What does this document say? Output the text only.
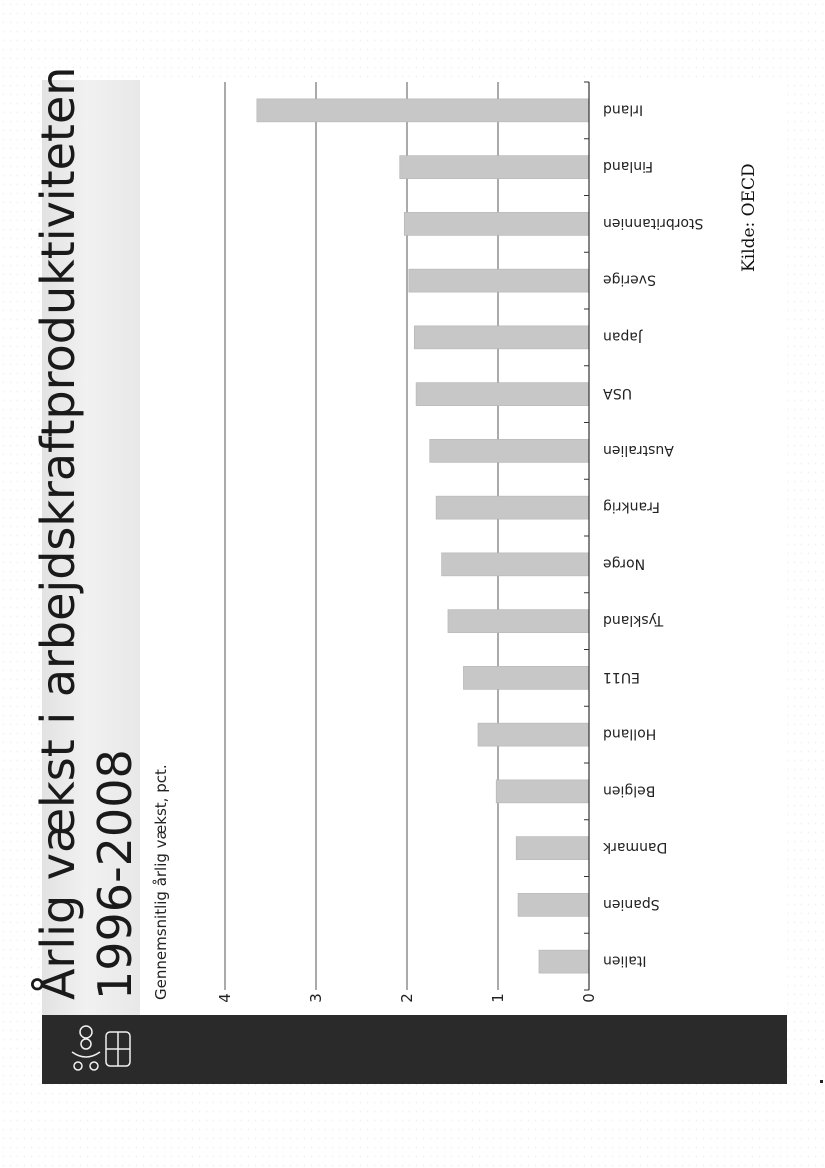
Årlig vækst i arbejdskraftproduktiviteten 1996-2008 Gennemsnitlig årlig vækst, pct.
Kilde: OECD
0
1
2
3
4
Italien
Spanien
Danmark
Belgien
Holland
EU11
Tyskland
Norge
Frankrig
Australien
USA
Japan
Sverige
Storbritannien
Finland
Irland
